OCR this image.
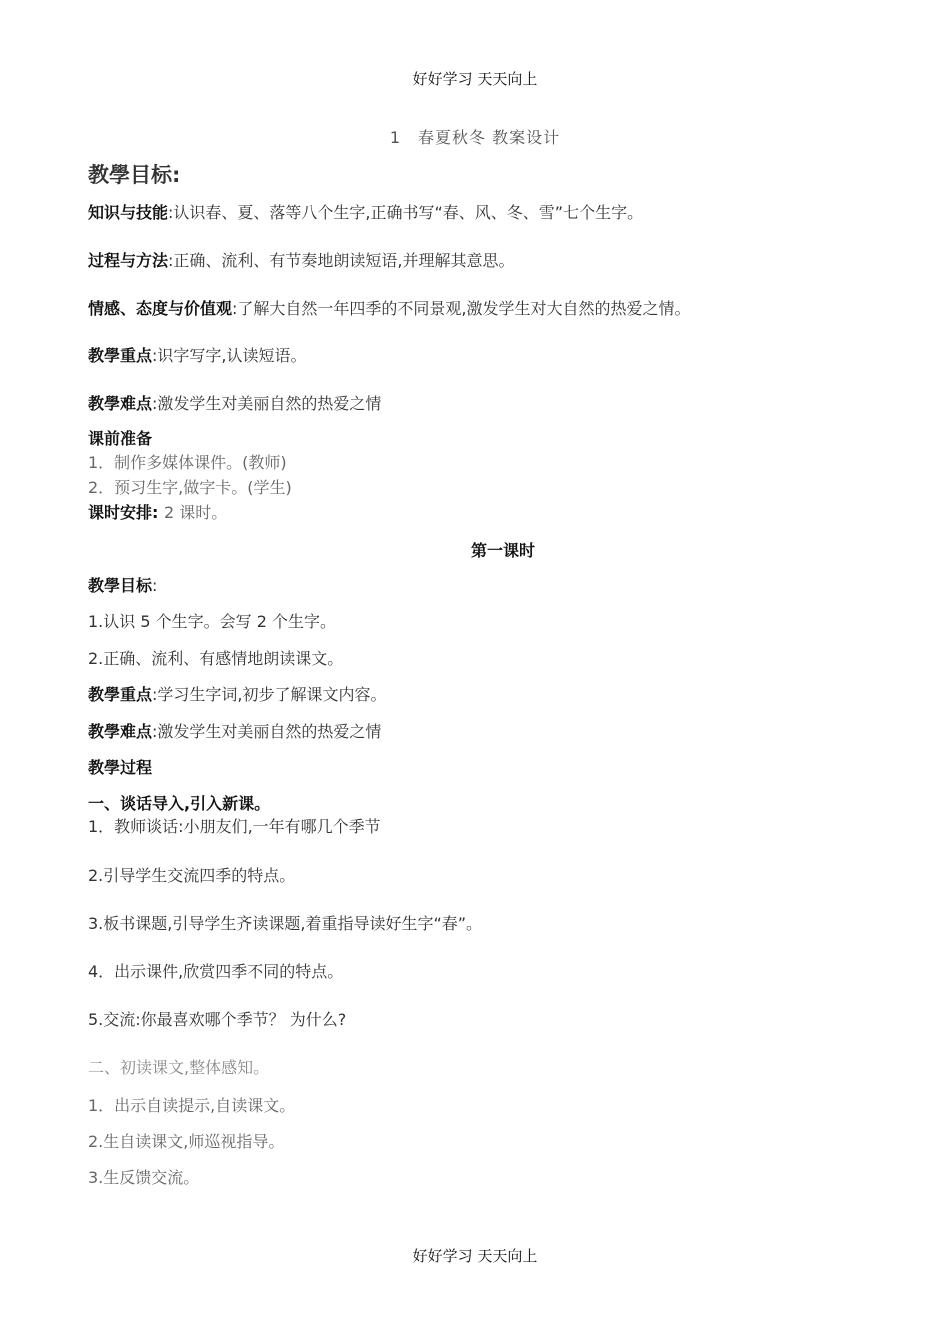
好好学习 天天向上
1　春夏秋冬 教案设计
教學目标:
知识与技能:认识春、夏、落等八个生字,正确书写“春、风、冬、雪”七个生字。
过程与方法:正确、流利、有节奏地朗读短语,并理解其意思。
情感、态度与价值观:了解大自然一年四季的不同景观,激发学生对大自然的热爱之情。
教學重点:识字写字,认读短语。
教學难点:激发学生对美丽自然的热爱之情
课前准备
1．制作多媒体课件。(教师)
2．预习生字,做字卡。(学生)
课时安排: 2 课时。
第一课时
教學目标:
1.认识 5 个生字。会写 2 个生字。
2.正确、流利、有感情地朗读课文。
教學重点:学习生字词,初步了解课文内容。
教學难点:激发学生对美丽自然的热爱之情
教學过程
一、谈话导入,引入新课。
1．教师谈话:小朋友们,一年有哪几个季节
2.引导学生交流四季的特点。
3.板书课题,引导学生齐读课题,着重指导读好生字“春”。
4．出示课件,欣赏四季不同的特点。
5.交流:你最喜欢哪个季节？ 为什么?
二、初读课文,整体感知。
1．出示自读提示,自读课文。
2.生自读课文,师巡视指导。
3.生反馈交流。
好好学习 天天向上
